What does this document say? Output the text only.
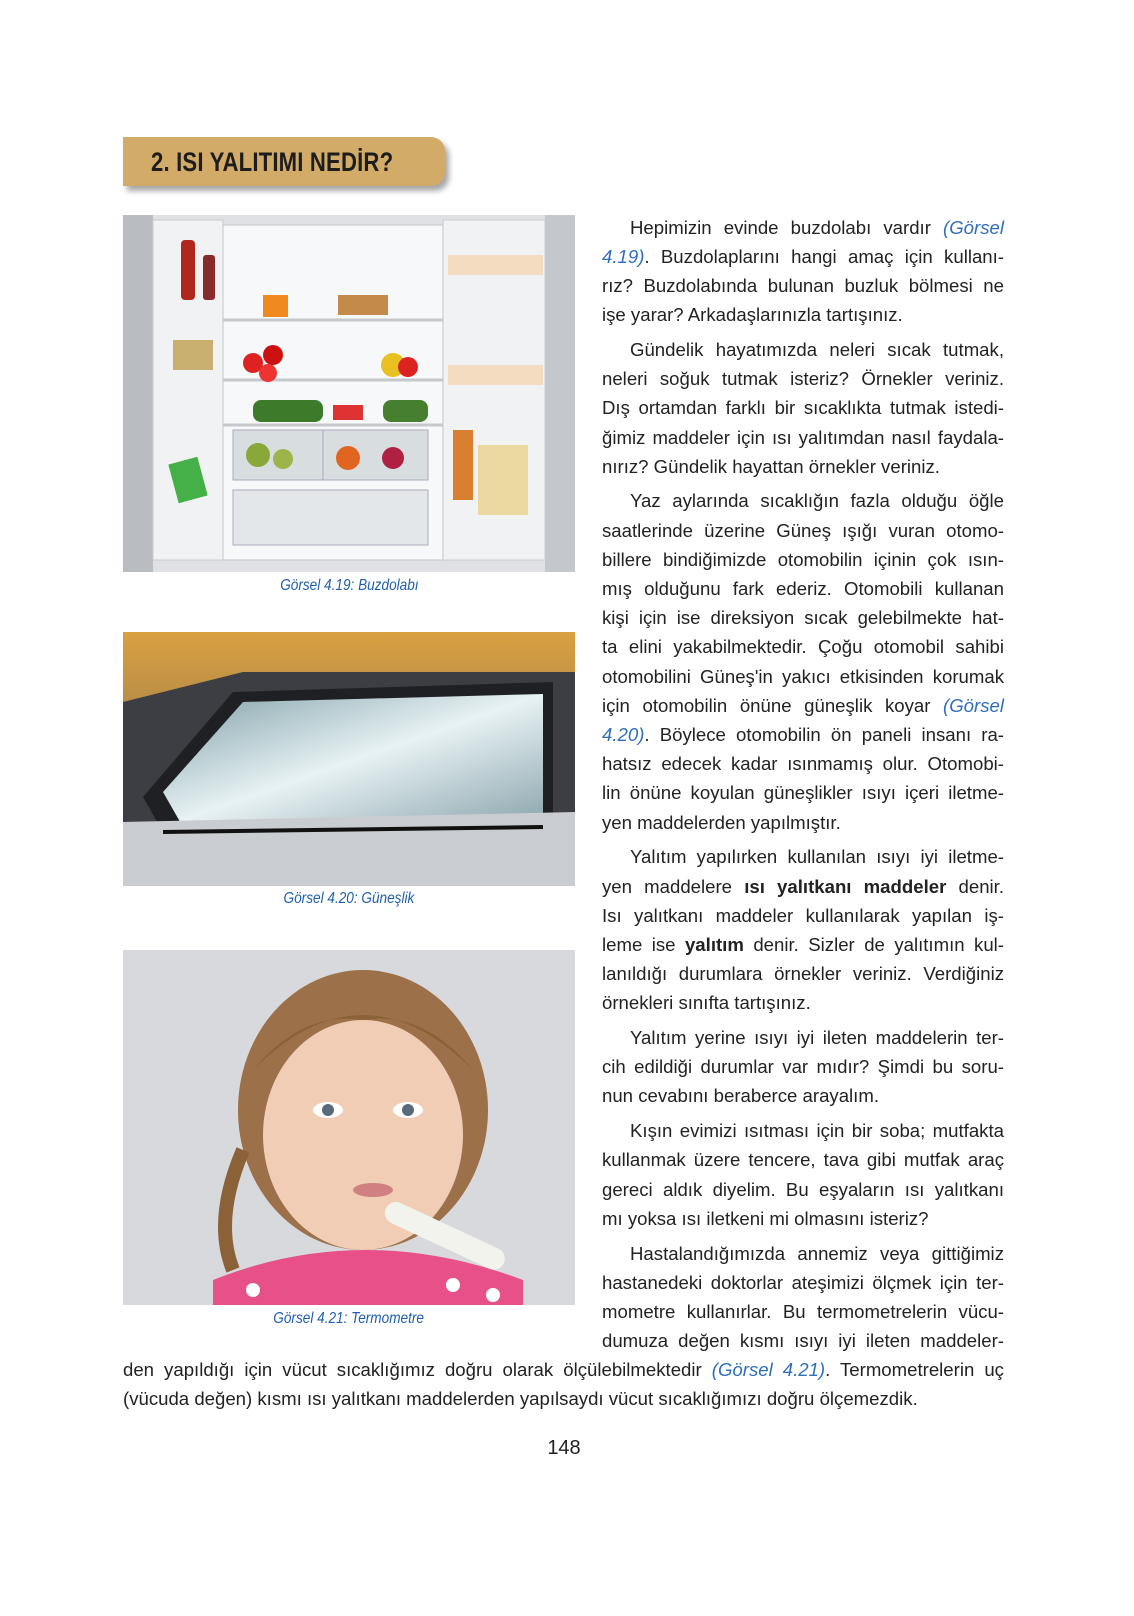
2. ISI YALITIMI NEDİR?
Görsel 4.19: Buzdolabı
Görsel 4.20: Güneşlik
Görsel 4.21: Termometre
Hepimizin evinde buzdolabı vardır (Görsel
4.19). Buzdolaplarını hangi amaç için kullanı-
rız? Buzdolabında bulunan buzluk bölmesi ne
işe yarar? Arkadaşlarınızla tartışınız.
Gündelik hayatımızda neleri sıcak tutmak,
neleri soğuk tutmak isteriz? Örnekler veriniz.
Dış ortamdan farklı bir sıcaklıkta tutmak istedi-
ğimiz maddeler için ısı yalıtımdan nasıl faydala-
nırız? Gündelik hayattan örnekler veriniz.
Yaz aylarında sıcaklığın fazla olduğu öğle
saatlerinde üzerine Güneş ışığı vuran otomo-
billere bindiğimizde otomobilin içinin çok ısın-
mış olduğunu fark ederiz. Otomobili kullanan
kişi için ise direksiyon sıcak gelebilmekte hat-
ta elini yakabilmektedir. Çoğu otomobil sahibi
otomobilini Güneş'in yakıcı etkisinden korumak
için otomobilin önüne güneşlik koyar (Görsel
4.20). Böylece otomobilin ön paneli insanı ra-
hatsız edecek kadar ısınmamış olur. Otomobi-
lin önüne koyulan güneşlikler ısıyı içeri iletme-
yen maddelerden yapılmıştır.
Yalıtım yapılırken kullanılan ısıyı iyi iletme-
yen maddelere ısı yalıtkanı maddeler denir.
Isı yalıtkanı maddeler kullanılarak yapılan iş-
leme ise yalıtım denir. Sizler de yalıtımın kul-
lanıldığı durumlara örnekler veriniz. Verdiğiniz
örnekleri sınıfta tartışınız.
Yalıtım yerine ısıyı iyi ileten maddelerin ter-
cih edildiği durumlar var mıdır? Şimdi bu soru-
nun cevabını beraberce arayalım.
Kışın evimizi ısıtması için bir soba; mutfakta
kullanmak üzere tencere, tava gibi mutfak araç
gereci aldık diyelim. Bu eşyaların ısı yalıtkanı
mı yoksa ısı iletkeni mi olmasını isteriz?
Hastalandığımızda annemiz veya gittiğimiz
hastanedeki doktorlar ateşimizi ölçmek için ter-
mometre kullanırlar. Bu termometrelerin vücu-
dumuza değen kısmı ısıyı iyi ileten maddeler-
den yapıldığı için vücut sıcaklığımız doğru olarak ölçülebilmektedir (Görsel 4.21). Termometrelerin uç
(vücuda değen) kısmı ısı yalıtkanı maddelerden yapılsaydı vücut sıcaklığımızı doğru ölçemezdik.
148
